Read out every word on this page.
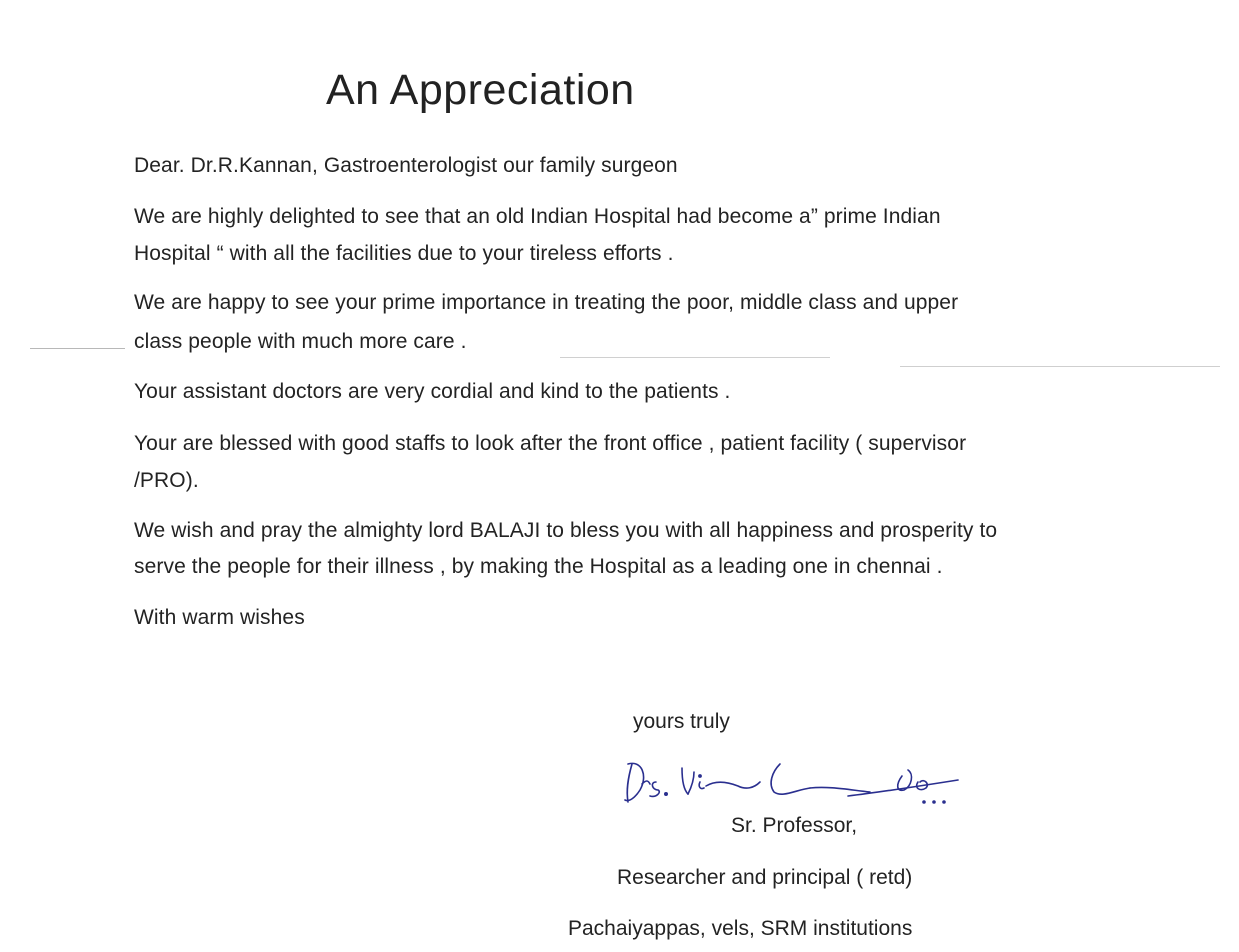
An Appreciation
Dear. Dr.R.Kannan, Gastroenterologist our family surgeon
We are highly delighted to see that an old Indian Hospital had become a” prime Indian
Hospital “ with all the facilities due to your tireless efforts .
We are happy to see your prime importance in treating the poor, middle class and upper
class people with much more care .
Your assistant doctors are very cordial and kind to the patients .
Your are blessed with good staffs to look after the front office , patient facility ( supervisor
/PRO).
We wish and pray the almighty lord BALAJI to bless you with all happiness and prosperity to
serve the people for their illness , by making the Hospital as a leading one in chennai .
With warm wishes
yours truly
Sr. Professor,
Researcher and principal ( retd)
Pachaiyappas, vels, SRM institutions
